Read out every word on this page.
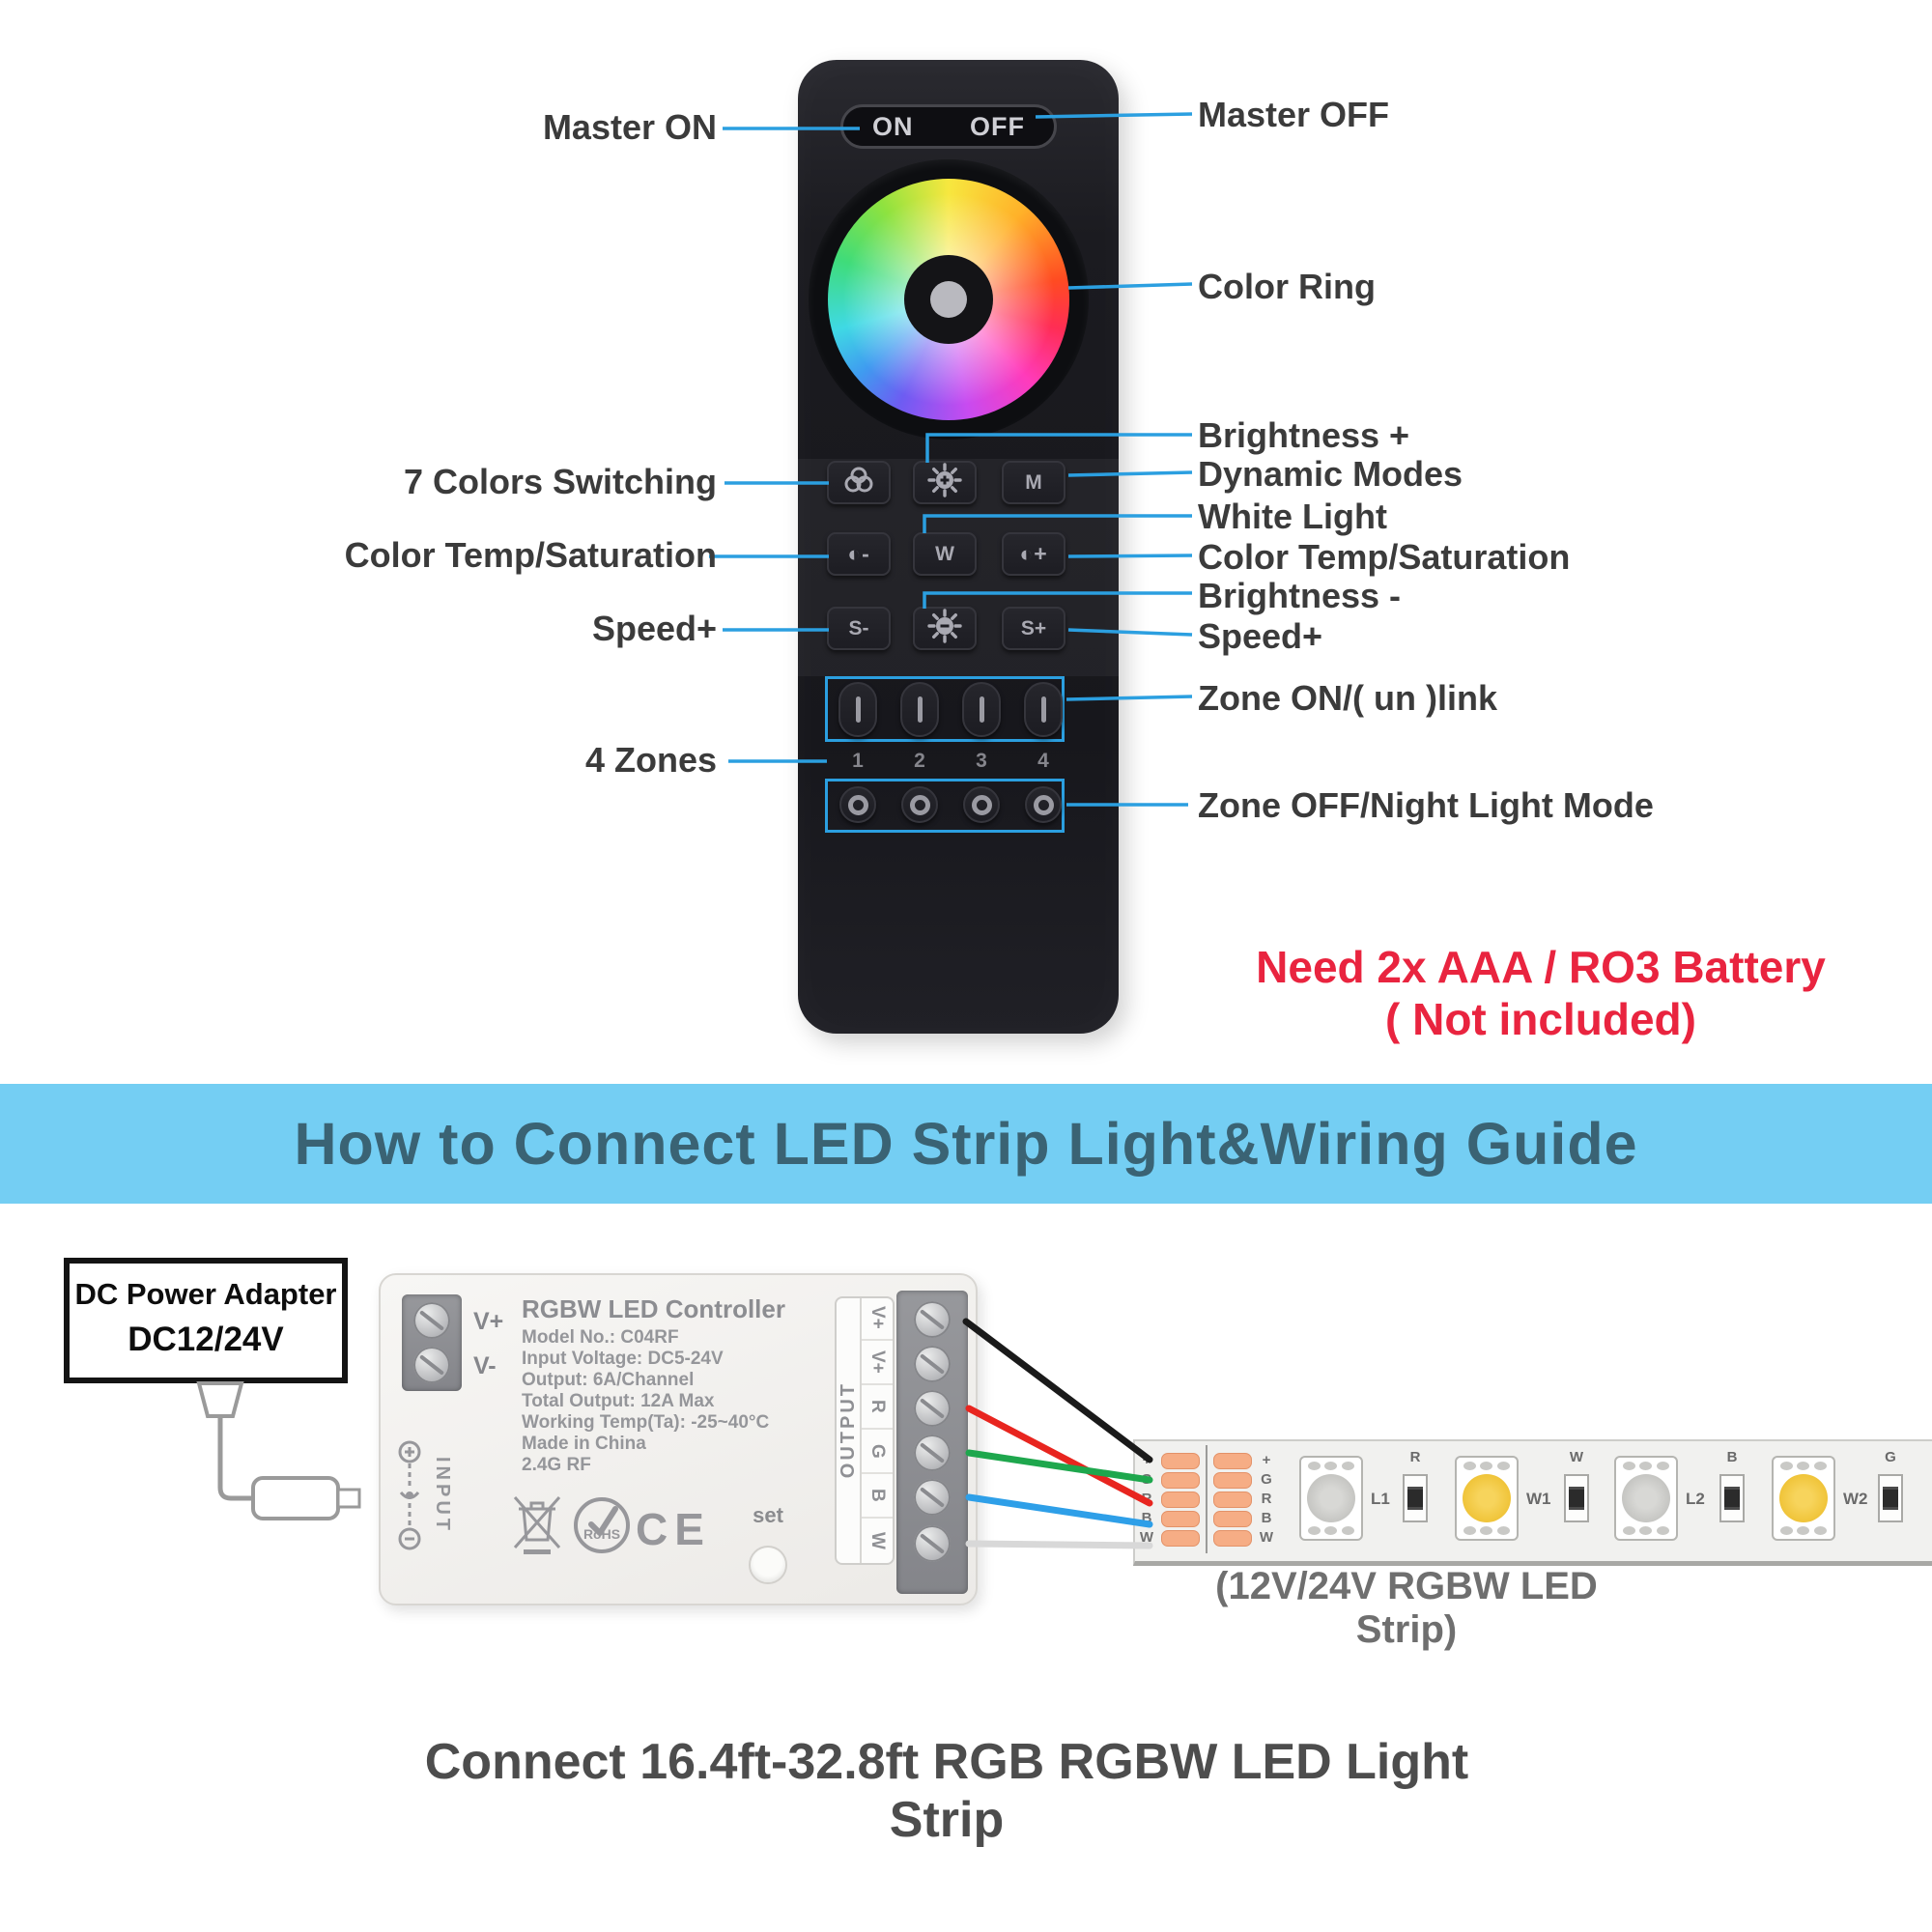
ON OFF
M
◐-	W	◐+
S-	S+
1 2 3 4
Master ON
7 Colors Switching
Color Temp/Saturation
Speed+
4 Zones
Master OFF
Color Ring
Brightness +
Dynamic Modes
White Light
Color Temp/Saturation
Brightness -
Speed+
Zone ON/( un )link
Zone OFF/Night Light Mode
Need 2x AAA / RO3 Battery
( Not included)
How to Connect LED Strip Light&Wiring Guide
DC Power Adapter
DC12/24V	V+
V-
RGBW LED Controller
Model No.: C04RF
Input Voltage: DC5-24V
Output: 6A/Channel
Total Output: 12A Max
Working Temp(Ta): -25~40°C
Made in China
2.4G RF
INPUT	RoHS CE	set
OUTPUT
V+
V+
R
G
B
W
+
G
R
B
W
+
G
R
B
W
L1
R
W1
W
L2
B
W2
G
(12V/24V RGBW LED Strip)
Connect 16.4ft-32.8ft RGB RGBW LED Light Strip
